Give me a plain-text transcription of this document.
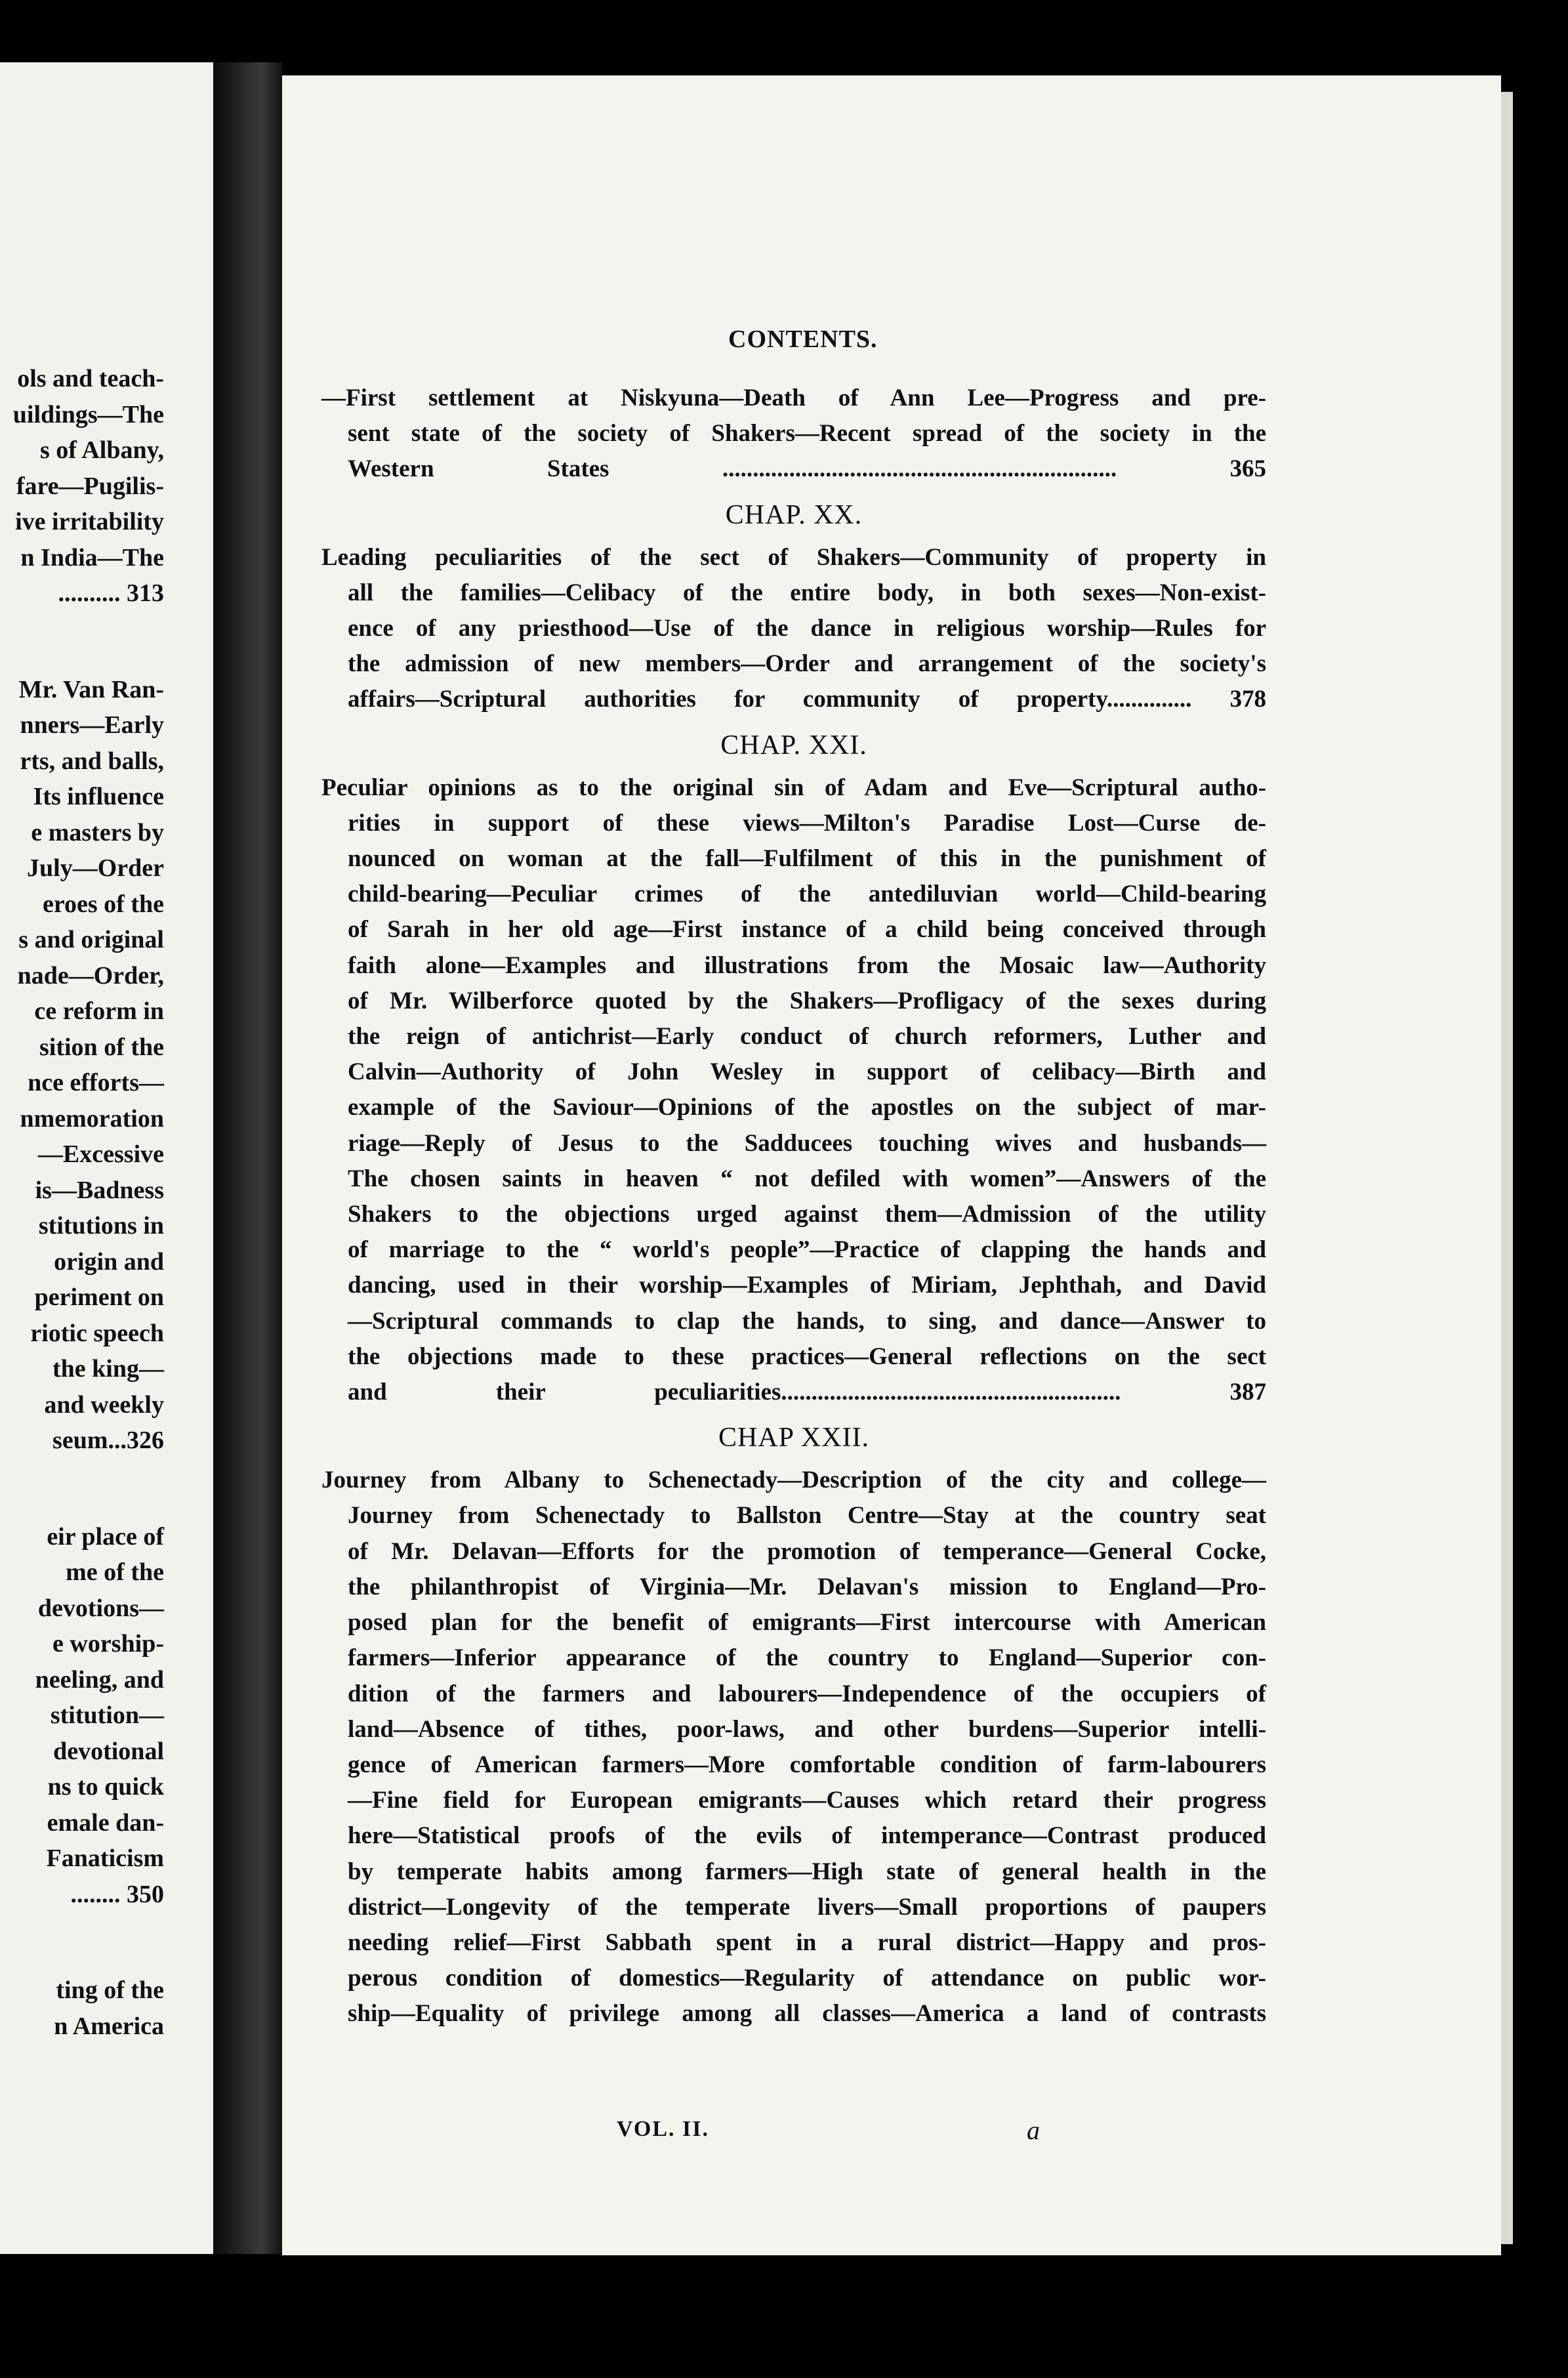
ols and teach-
uildings—The
s of Albany,
fare—Pugilis-
ive irritability
n India—The
.......... 313
Mr. Van Ran-
nners—Early
rts, and balls,
Its influence
e masters by
July—Order
eroes of the
s and original
nade—Order,
ce reform in
sition of the
nce efforts—
nmemoration
—Excessive
is—Badness
stitutions in
origin and
periment on
riotic speech
the king—
and weekly
seum...326
eir place of
me of the
devotions—
e worship-
neeling, and
stitution—
devotional
ns to quick
emale dan-
Fanaticism
........ 350
ting of the
n America
CONTENTS.
—First settlement at Niskyuna—Death of Ann Lee—Progress and pre-
sent state of the society of Shakers—Recent spread of the society in the
Western States ................................................................. 365
CHAP. XX.
Leading peculiarities of the sect of Shakers—Community of property in
all the families—Celibacy of the entire body, in both sexes—Non-exist-
ence of any priesthood—Use of the dance in religious worship—Rules for
the admission of new members—Order and arrangement of the society's
affairs—Scriptural authorities for community of property.............. 378
CHAP. XXI.
Peculiar opinions as to the original sin of Adam and Eve—Scriptural autho-
rities in support of these views—Milton's Paradise Lost—Curse de-
nounced on woman at the fall—Fulfilment of this in the punishment of
child-bearing—Peculiar crimes of the antediluvian world—Child-bearing
of Sarah in her old age—First instance of a child being conceived through
faith alone—Examples and illustrations from the Mosaic law—Authority
of Mr. Wilberforce quoted by the Shakers—Profligacy of the sexes during
the reign of antichrist—Early conduct of church reformers, Luther and
Calvin—Authority of John Wesley in support of celibacy—Birth and
example of the Saviour—Opinions of the apostles on the subject of mar-
riage—Reply of Jesus to the Sadducees touching wives and husbands—
The chosen saints in heaven “ not defiled with women”—Answers of the
Shakers to the objections urged against them—Admission of the utility
of marriage to the “ world's people”—Practice of clapping the hands and
dancing, used in their worship—Examples of Miriam, Jephthah, and David
—Scriptural commands to clap the hands, to sing, and dance—Answer to
the objections made to these practices—General reflections on the sect
and their peculiarities........................................................ 387
CHAP XXII.
Journey from Albany to Schenectady—Description of the city and college—
Journey from Schenectady to Ballston Centre—Stay at the country seat
of Mr. Delavan—Efforts for the promotion of temperance—General Cocke,
the philanthropist of Virginia—Mr. Delavan's mission to England—Pro-
posed plan for the benefit of emigrants—First intercourse with American
farmers—Inferior appearance of the country to England—Superior con-
dition of the farmers and labourers—Independence of the occupiers of
land—Absence of tithes, poor-laws, and other burdens—Superior intelli-
gence of American farmers—More comfortable condition of farm-labourers
—Fine field for European emigrants—Causes which retard their progress
here—Statistical proofs of the evils of intemperance—Contrast produced
by temperate habits among farmers—High state of general health in the
district—Longevity of the temperate livers—Small proportions of paupers
needing relief—First Sabbath spent in a rural district—Happy and pros-
perous condition of domestics—Regularity of attendance on public wor-
ship—Equality of privilege among all classes—America a land of contrasts
VOL. II.	a
